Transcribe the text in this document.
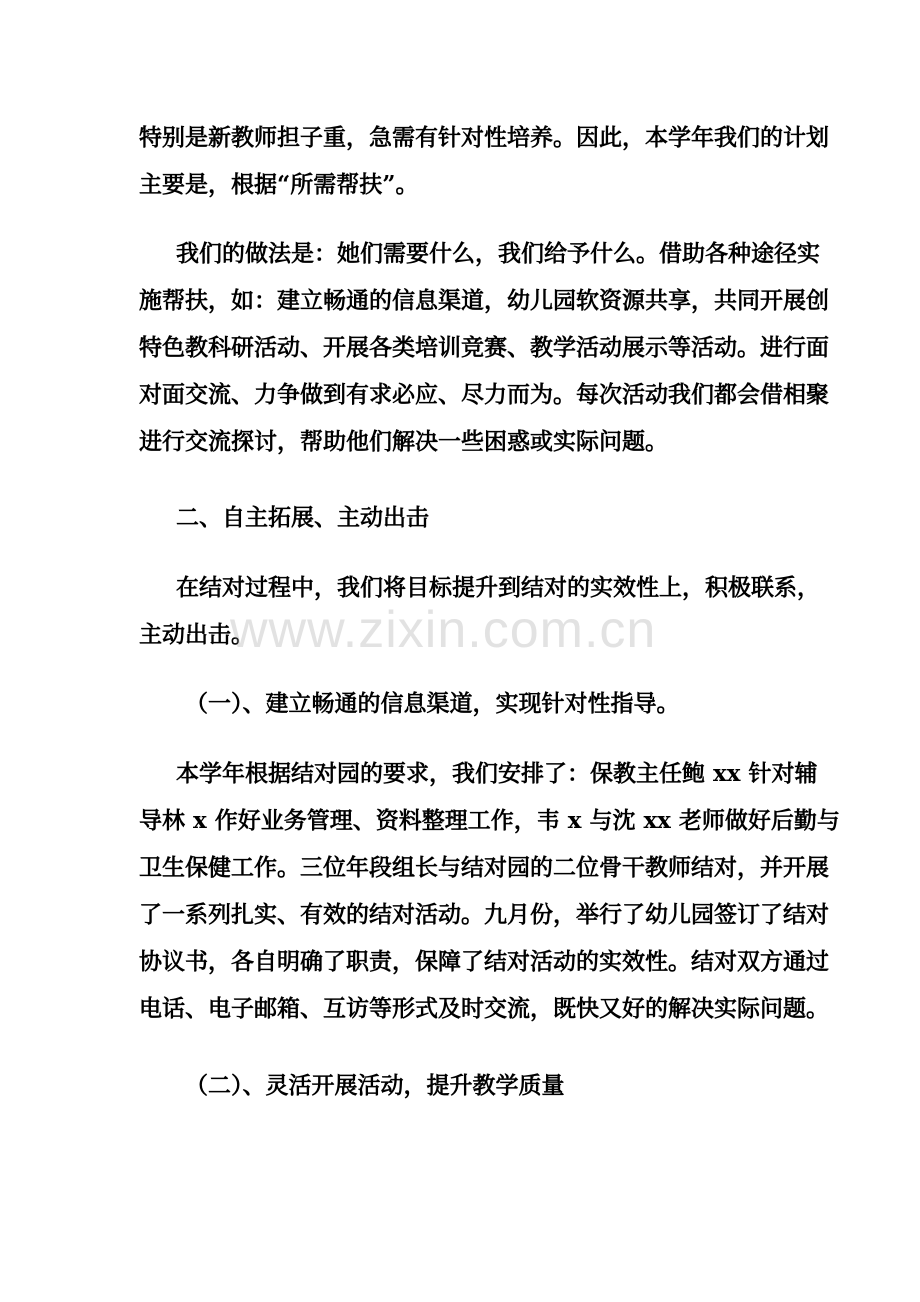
特别是新教师担子重，急需有针对性培养。因此，本学年我们的计划
主要是，根据“所需帮扶”。

我们的做法是：她们需要什么，我们给予什么。借助各种途径实
施帮扶，如：建立畅通的信息渠道，幼儿园软资源共享，共同开展创
特色教科研活动、开展各类培训竞赛、教学活动展示等活动。进行面
对面交流、力争做到有求必应、尽力而为。每次活动我们都会借相聚
进行交流探讨，帮助他们解决一些困惑或实际问题。

二、自主拓展、主动出击

在结对过程中，我们将目标提升到结对的实效性上，积极联系，
主动出击。

（一）、建立畅通的信息渠道，实现针对性指导。

本学年根据结对园的要求，我们安排了：保教主任鲍 xx 针对辅
导林 x 作好业务管理、资料整理工作，韦 x 与沈 xx 老师做好后勤与
卫生保健工作。三位年段组长与结对园的二位骨干教师结对，并开展
了一系列扎实、有效的结对活动。九月份，举行了幼儿园签订了结对
协议书，各自明确了职责，保障了结对活动的实效性。结对双方通过
电话、电子邮箱、互访等形式及时交流，既快又好的解决实际问题。

（二）、灵活开展活动，提升教学质量

www.zixin.com.cn
